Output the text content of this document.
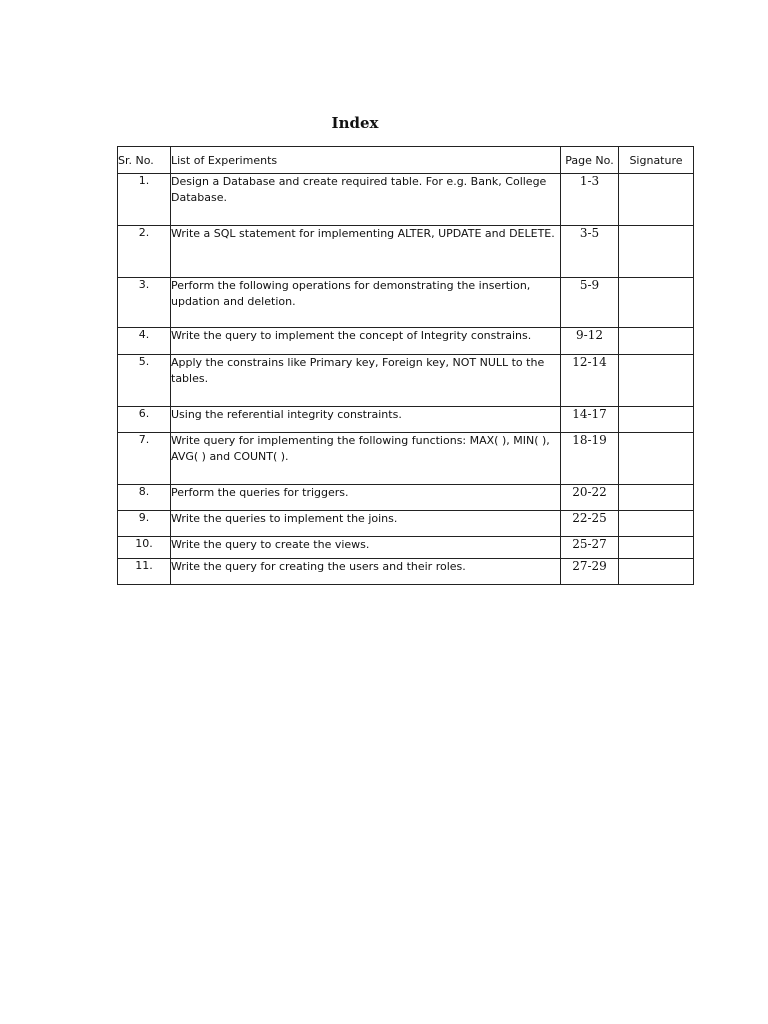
Index
Sr. No.	List of Experiments	Page No.	Signature
1.	Design a Database and create required table. For e.g. Bank, College Database.	1-3	
2.	Write a SQL statement for implementing ALTER, UPDATE and DELETE.	3-5	
3.	Perform the following operations for demonstrating the insertion, updation and deletion.	5-9	
4.	Write the query to implement the concept of Integrity constrains.	9-12	
5.	Apply the constrains like Primary key, Foreign key, NOT NULL to the tables.	12-14	
6.	Using the referential integrity constraints.	14-17	
7.	Write query for implementing the following functions: MAX( ), MIN( ), AVG( ) and COUNT( ).	18-19	
8.	Perform the queries for triggers.	20-22	
9.	Write the queries to implement the joins.	22-25	
10.	Write the query to create the views.	25-27	
11.	Write the query for creating the users and their roles.	27-29	
